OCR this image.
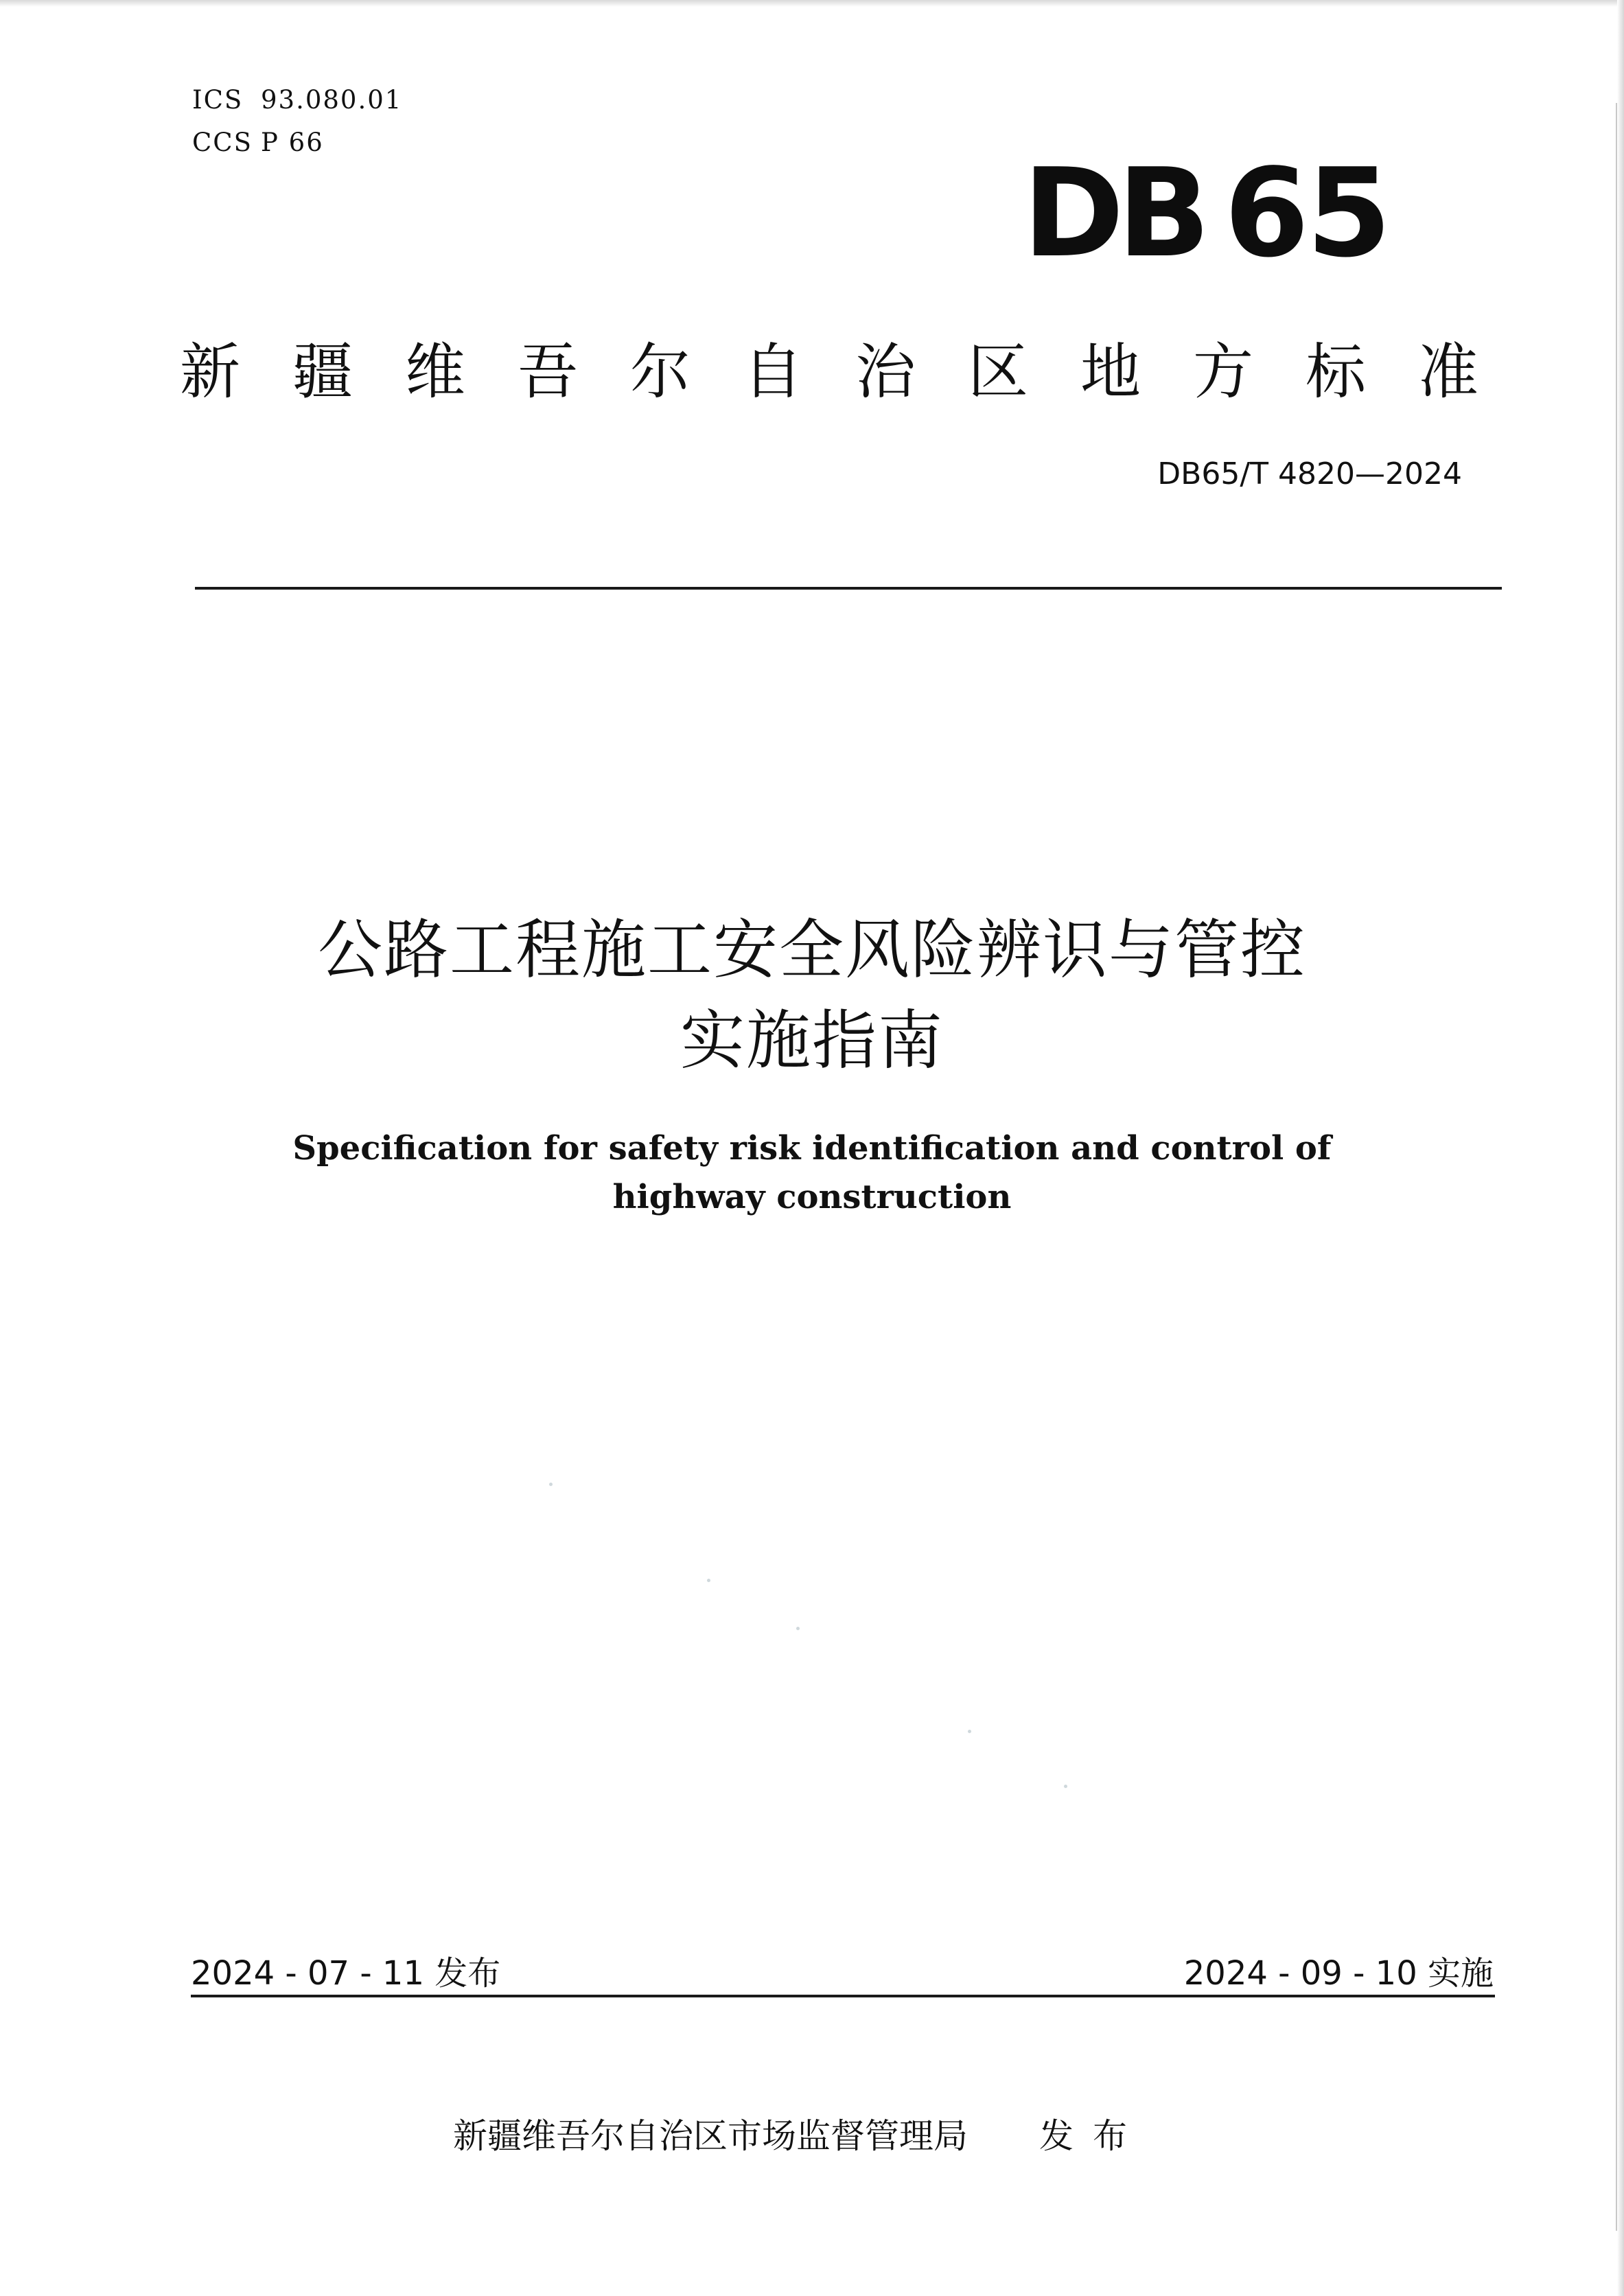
ICS 93.080.01
CCS P 66	DB 65
新疆维吾尔自治区地方标准
DB65/T 4820—2024
公路工程施工安全风险辨识与管控
实施指南
Specification for safety risk identification and control of
highway construction
2024 - 07 - 11 发布	2024 - 09 - 10 实施
新疆维吾尔自治区市场监督管理局 发布
